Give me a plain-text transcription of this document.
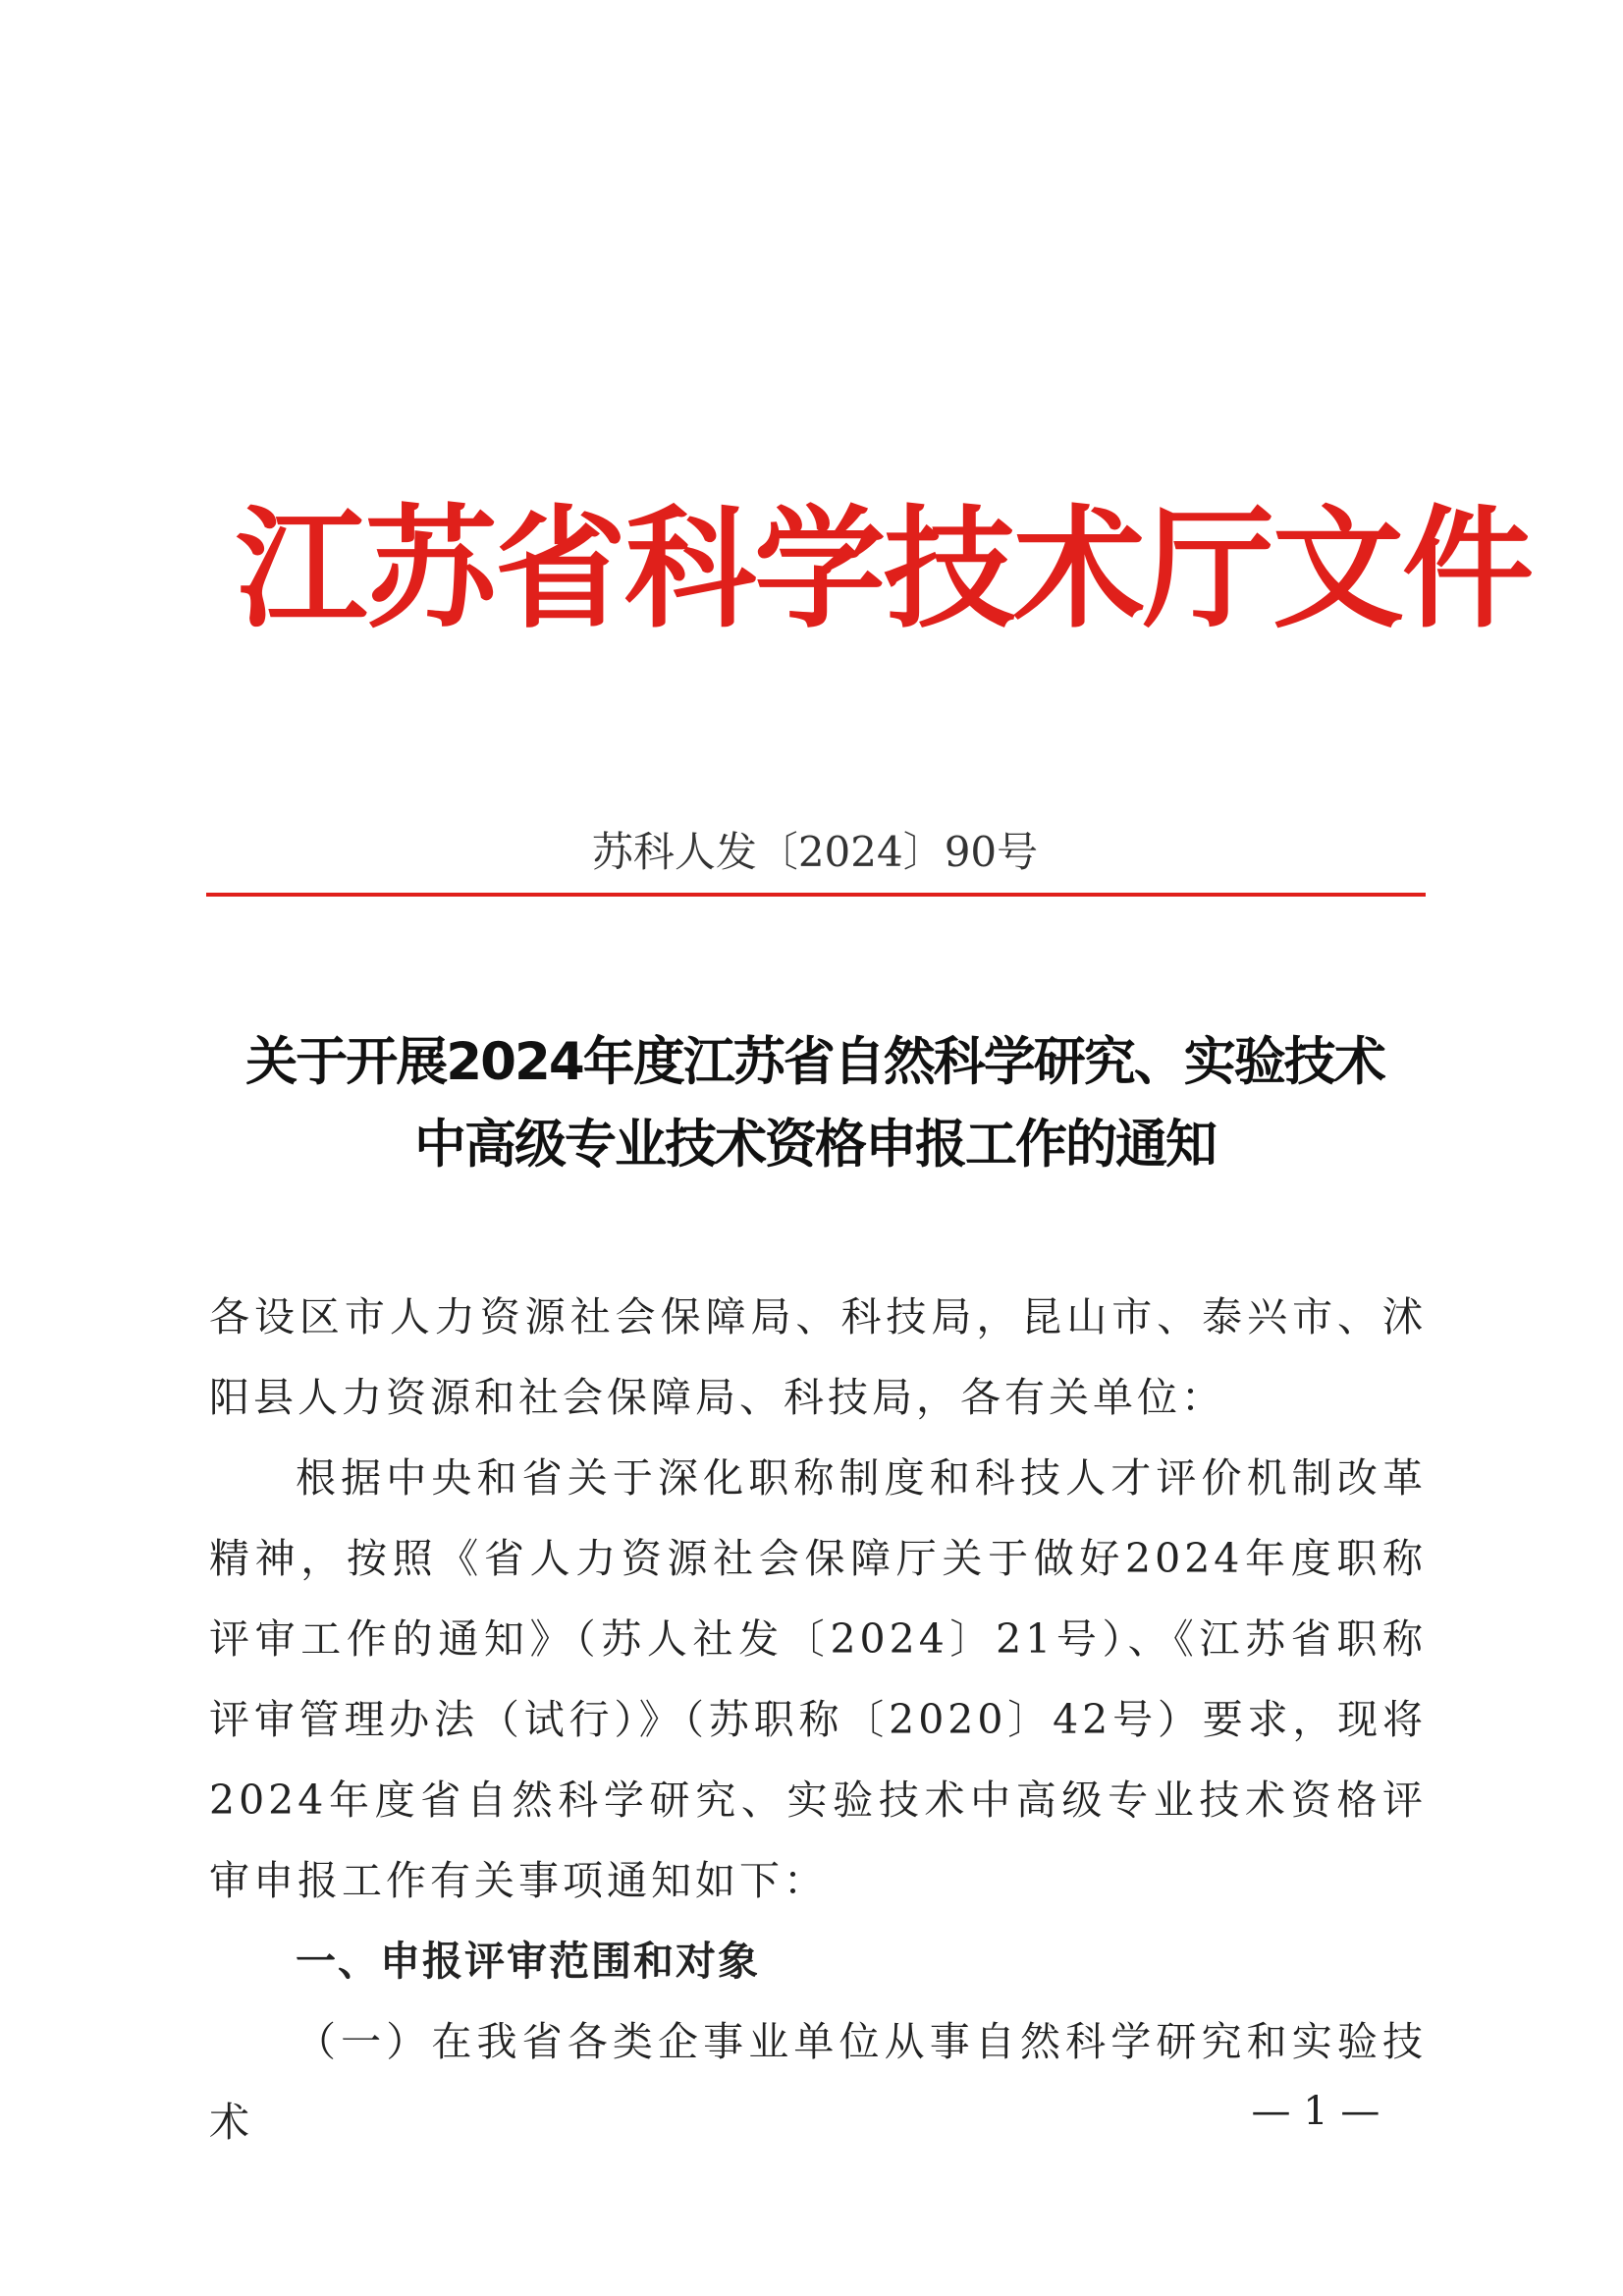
江苏省科学技术厅文件
苏科人发〔2024〕90号
关于开展2024年度江苏省自然科学研究、实验技术
中高级专业技术资格申报工作的通知

各设区市人力资源社会保障局、科技局，昆山市、泰兴市、沭阳县人力资源和社会保障局、科技局，各有关单位：

根据中央和省关于深化职称制度和科技人才评价机制改革精神，按照《省人力资源社会保障厅关于做好2024年度职称评审工作的通知》（苏人社发〔2024〕21号）、《江苏省职称评审管理办法（试行）》（苏职称〔2020〕42号）要求，现将2024年度省自然科学研究、实验技术中高级专业技术资格评审申报工作有关事项通知如下：

一、申报评审范围和对象

（一）在我省各类企事业单位从事自然科学研究和实验技术	— 1 —
